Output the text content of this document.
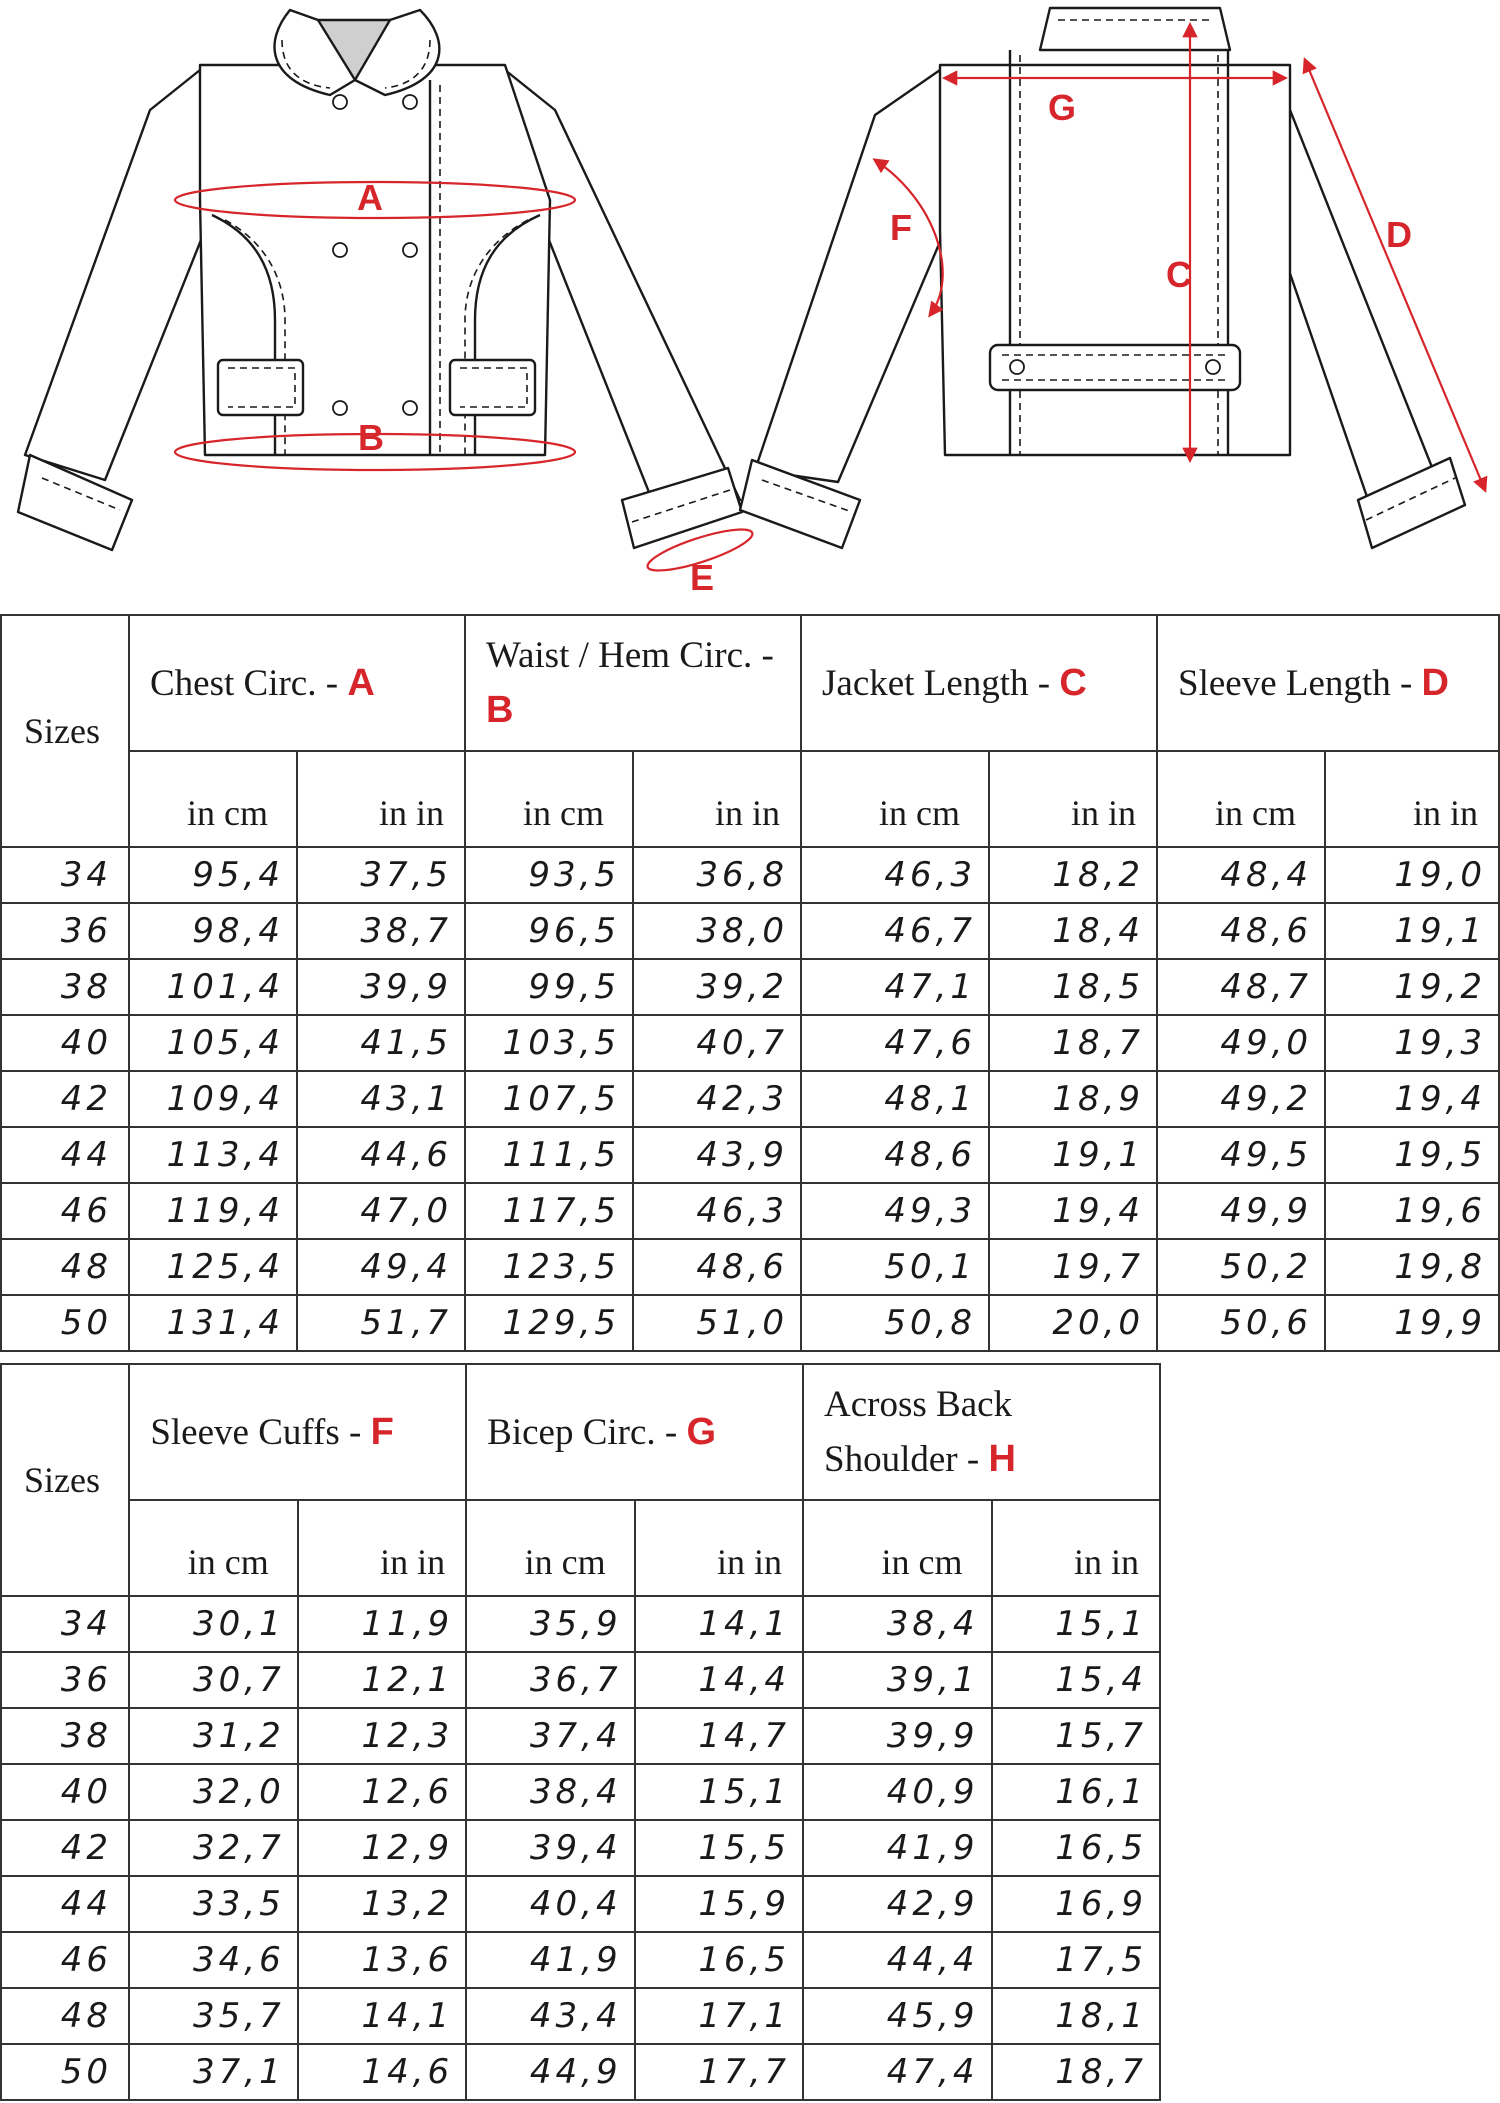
A
B
E
G
C
D
F
Sizes	Chest Circ. - A		Waist / Hem Circ. - B		Jacket Length - C		Sleeve Length - D	
	in cm	in in	in cm	in in	in cm	in in	in cm	in in
34	95,4	37,5	93,5	36,8	46,3	18,2	48,4	19,0
36	98,4	38,7	96,5	38,0	46,7	18,4	48,6	19,1
38	101,4	39,9	99,5	39,2	47,1	18,5	48,7	19,2
40	105,4	41,5	103,5	40,7	47,6	18,7	49,0	19,3
42	109,4	43,1	107,5	42,3	48,1	18,9	49,2	19,4
44	113,4	44,6	111,5	43,9	48,6	19,1	49,5	19,5
46	119,4	47,0	117,5	46,3	49,3	19,4	49,9	19,6
48	125,4	49,4	123,5	48,6	50,1	19,7	50,2	19,8
50	131,4	51,7	129,5	51,0	50,8	20,0	50,6	19,9
Sizes	Sleeve Cuffs - F		Bicep Circ. - G		Across Back Shoulder - H	
	in cm	in in	in cm	in in	in cm	in in
34	30,1	11,9	35,9	14,1	38,4	15,1
36	30,7	12,1	36,7	14,4	39,1	15,4
38	31,2	12,3	37,4	14,7	39,9	15,7
40	32,0	12,6	38,4	15,1	40,9	16,1
42	32,7	12,9	39,4	15,5	41,9	16,5
44	33,5	13,2	40,4	15,9	42,9	16,9
46	34,6	13,6	41,9	16,5	44,4	17,5
48	35,7	14,1	43,4	17,1	45,9	18,1
50	37,1	14,6	44,9	17,7	47,4	18,7
